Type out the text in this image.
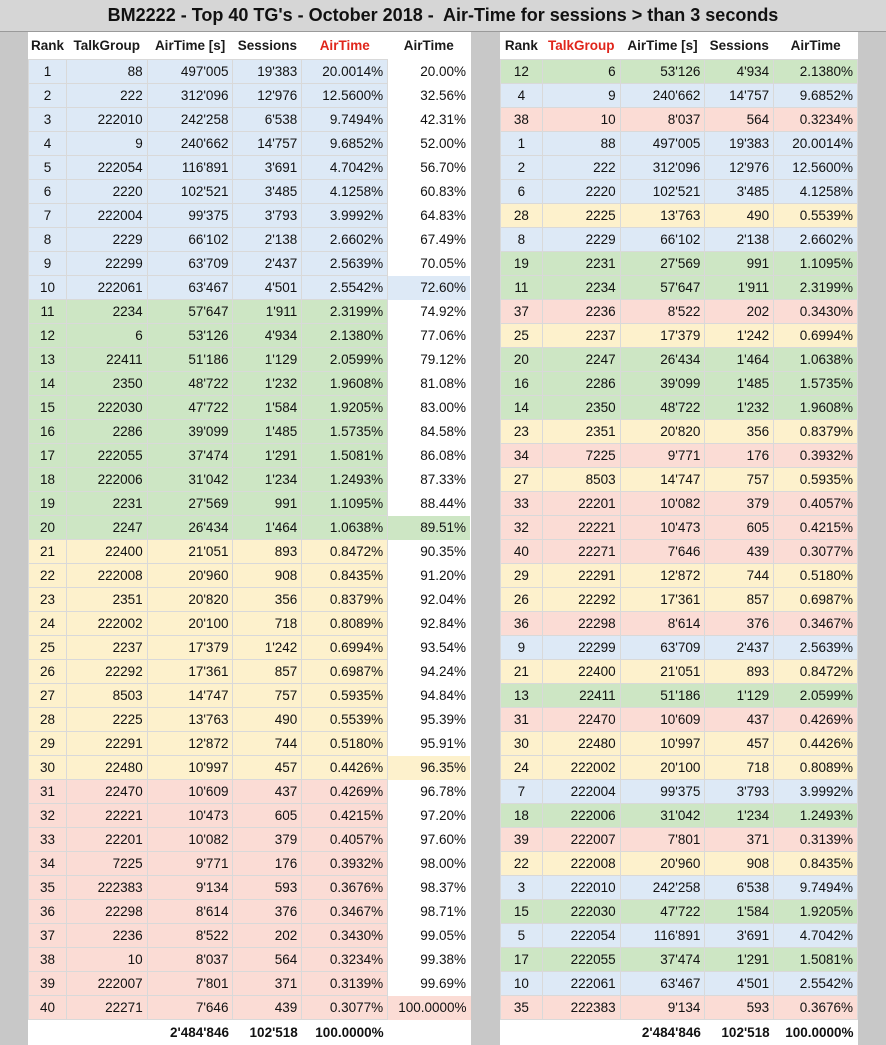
BM2222 - Top 40 TG's - October 2018 -  Air-Time for sessions > than 3 seconds
Rank	TalkGroup	AirTime [s]	Sessions	AirTime	AirTime
1	88	497'005	19'383	20.0014%	20.00%
2	222	312'096	12'976	12.5600%	32.56%
3	222010	242'258	6'538	9.7494%	42.31%
4	9	240'662	14'757	9.6852%	52.00%
5	222054	116'891	3'691	4.7042%	56.70%
6	2220	102'521	3'485	4.1258%	60.83%
7	222004	99'375	3'793	3.9992%	64.83%
8	2229	66'102	2'138	2.6602%	67.49%
9	22299	63'709	2'437	2.5639%	70.05%
10	222061	63'467	4'501	2.5542%	72.60%
11	2234	57'647	1'911	2.3199%	74.92%
12	6	53'126	4'934	2.1380%	77.06%
13	22411	51'186	1'129	2.0599%	79.12%
14	2350	48'722	1'232	1.9608%	81.08%
15	222030	47'722	1'584	1.9205%	83.00%
16	2286	39'099	1'485	1.5735%	84.58%
17	222055	37'474	1'291	1.5081%	86.08%
18	222006	31'042	1'234	1.2493%	87.33%
19	2231	27'569	991	1.1095%	88.44%
20	2247	26'434	1'464	1.0638%	89.51%
21	22400	21'051	893	0.8472%	90.35%
22	222008	20'960	908	0.8435%	91.20%
23	2351	20'820	356	0.8379%	92.04%
24	222002	20'100	718	0.8089%	92.84%
25	2237	17'379	1'242	0.6994%	93.54%
26	22292	17'361	857	0.6987%	94.24%
27	8503	14'747	757	0.5935%	94.84%
28	2225	13'763	490	0.5539%	95.39%
29	22291	12'872	744	0.5180%	95.91%
30	22480	10'997	457	0.4426%	96.35%
31	22470	10'609	437	0.4269%	96.78%
32	22221	10'473	605	0.4215%	97.20%
33	22201	10'082	379	0.4057%	97.60%
34	7225	9'771	176	0.3932%	98.00%
35	222383	9'134	593	0.3676%	98.37%
36	22298	8'614	376	0.3467%	98.71%
37	2236	8'522	202	0.3430%	99.05%
38	10	8'037	564	0.3234%	99.38%
39	222007	7'801	371	0.3139%	99.69%
40	22271	7'646	439	0.3077%	100.0000%
		2'484'846	102'518	100.0000%	
Rank	TalkGroup	AirTime [s]	Sessions	AirTime
12	6	53'126	4'934	2.1380%
4	9	240'662	14'757	9.6852%
38	10	8'037	564	0.3234%
1	88	497'005	19'383	20.0014%
2	222	312'096	12'976	12.5600%
6	2220	102'521	3'485	4.1258%
28	2225	13'763	490	0.5539%
8	2229	66'102	2'138	2.6602%
19	2231	27'569	991	1.1095%
11	2234	57'647	1'911	2.3199%
37	2236	8'522	202	0.3430%
25	2237	17'379	1'242	0.6994%
20	2247	26'434	1'464	1.0638%
16	2286	39'099	1'485	1.5735%
14	2350	48'722	1'232	1.9608%
23	2351	20'820	356	0.8379%
34	7225	9'771	176	0.3932%
27	8503	14'747	757	0.5935%
33	22201	10'082	379	0.4057%
32	22221	10'473	605	0.4215%
40	22271	7'646	439	0.3077%
29	22291	12'872	744	0.5180%
26	22292	17'361	857	0.6987%
36	22298	8'614	376	0.3467%
9	22299	63'709	2'437	2.5639%
21	22400	21'051	893	0.8472%
13	22411	51'186	1'129	2.0599%
31	22470	10'609	437	0.4269%
30	22480	10'997	457	0.4426%
24	222002	20'100	718	0.8089%
7	222004	99'375	3'793	3.9992%
18	222006	31'042	1'234	1.2493%
39	222007	7'801	371	0.3139%
22	222008	20'960	908	0.8435%
3	222010	242'258	6'538	9.7494%
15	222030	47'722	1'584	1.9205%
5	222054	116'891	3'691	4.7042%
17	222055	37'474	1'291	1.5081%
10	222061	63'467	4'501	2.5542%
35	222383	9'134	593	0.3676%
		2'484'846	102'518	100.0000%
